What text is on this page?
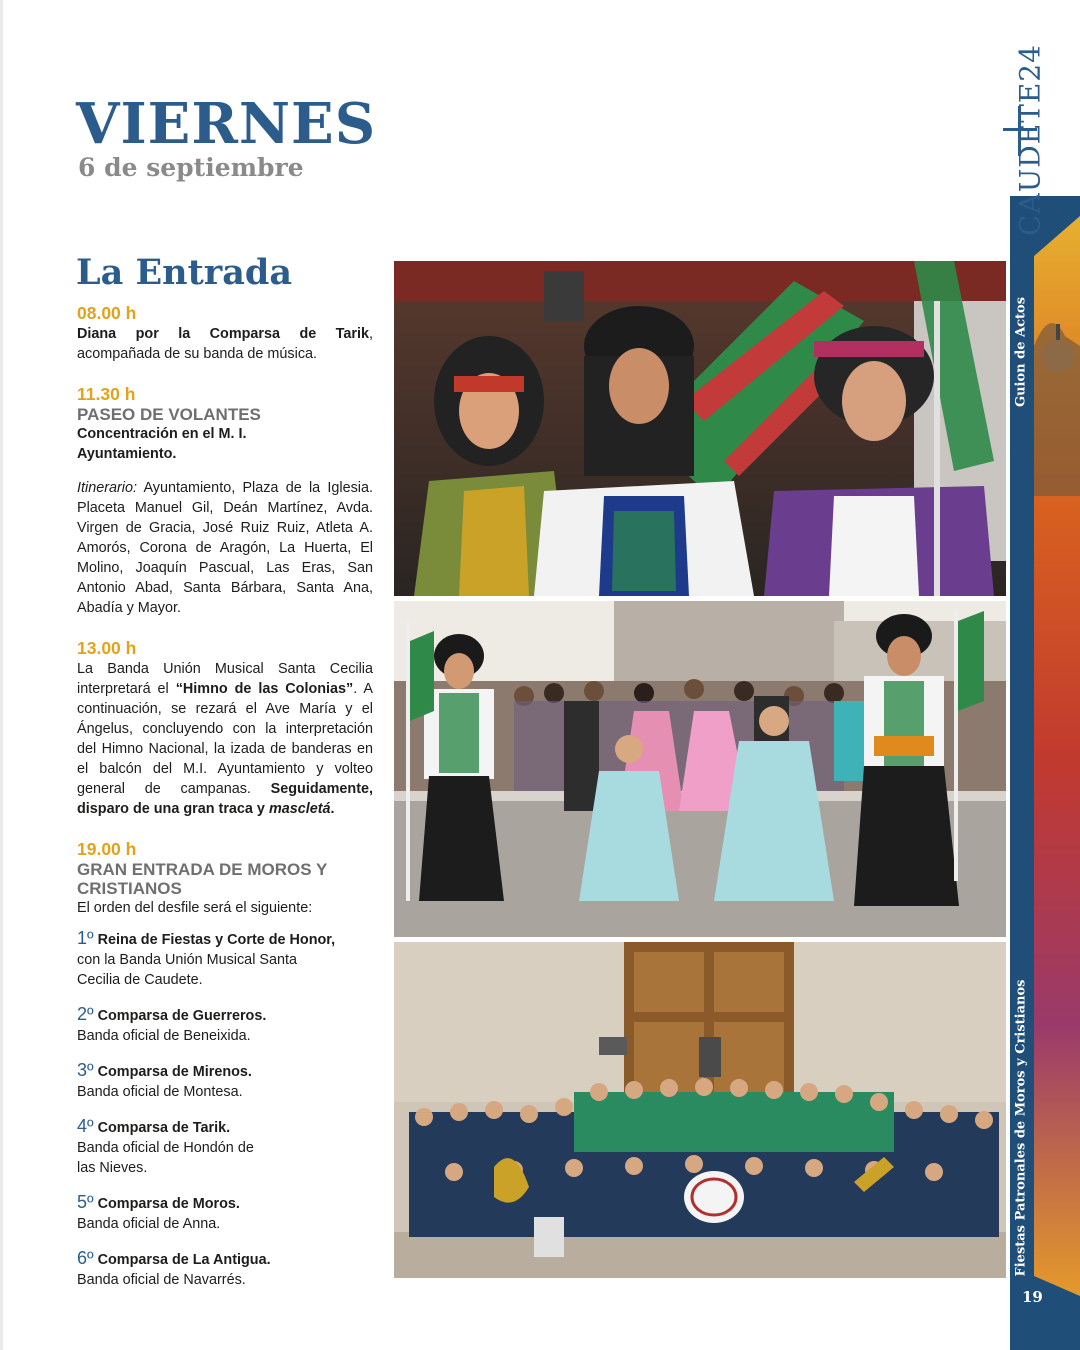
VIERNES
6 de septiembre
La Entrada
08.00 h
Diana por la Comparsa de Tarik, acompañada de su banda de música.
11.30 h
PASEO DE VOLANTES
Concentración en el M. I. Ayuntamiento.
Itinerario: Ayuntamiento, Plaza de la Iglesia. Placeta Manuel Gil, Deán Martínez, Avda. Virgen de Gracia, José Ruiz Ruiz, Atleta A. Amorós, Corona de Aragón, La Huerta, El Molino, Joaquín Pascual, Las Eras, San Antonio Abad, Santa Bárbara, Santa Ana, Abadía y Mayor.
13.00 h
La Banda Unión Musical Santa Cecilia interpretará el “Himno de las Colonias”. A continuación, se rezará el Ave María y el Ángelus, concluyendo con la interpretación del Himno Nacional, la izada de banderas en el balcón del M.I. Ayuntamiento y volteo general de campanas. Seguidamente, disparo de una gran traca y mascletá.
19.00 h
GRAN ENTRADA DE MOROS Y CRISTIANOS
El orden del desfile será el siguiente:
1º Reina de Fiestas y Corte de Honor,

con la Banda Unión Musical Santa Cecilia de Caudete.
2º Comparsa de Guerreros.
Banda oficial de Beneixida.
3º Comparsa de Mirenos.
Banda oficial de Montesa.
4º Comparsa de Tarik.

Banda oficial de Hondón de las Nieves.
5º Comparsa de Moros.
Banda oficial de Anna.
6º Comparsa de La Antigua.
Banda oficial de Navarrés.
CAUDETE24
Guion de Actos
Fiestas Patronales de Moros y Cristianos
19
